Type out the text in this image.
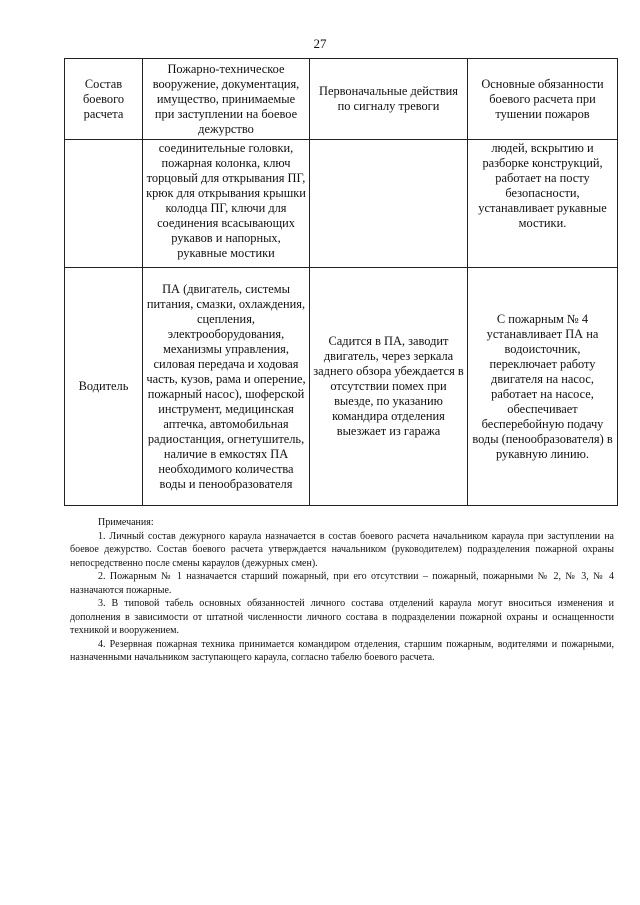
27
Состав боевого расчета	Пожарно-техническое вооружение, документация, имущество, принимаемые при заступлении на боевое дежурство	Первоначальные действия по сигналу тревоги	Основные обязанности боевого расчета при тушении пожаров
	соединительные головки, пожарная колонка, ключ торцовый для открывания ПГ, крюк для открывания крышки колодца ПГ, ключи для соединения всасывающих рукавов и напорных, рукавные мостики		людей, вскрытию и разборке конструкций, работает на посту безопасности, устанавливает рукавные мостики.
Водитель	ПА (двигатель, системы питания, смазки, охлаждения, сцепления, электрооборудования, механизмы управления, силовая передача и ходовая часть, кузов, рама и оперение, пожарный насос), шоферской инструмент, медицинская аптечка, автомобильная радиостанция, огнетушитель, наличие в емкостях ПА необходимого количества воды и пенообразователя	Садится в ПА, заводит двигатель, через зеркала заднего обзора убеждается в отсутствии помех при выезде, по указанию командира отделения выезжает из гаража	С пожарным № 4 устанавливает ПА на водоисточник, переключает работу двигателя на насос, работает на насосе, обеспечивает бесперебойную подачу воды (пенообразователя) в рукавную линию.

Примечания:

1. Личный состав дежурного караула назначается в состав боевого расчета начальником караула при заступлении на боевое дежурство. Состав боевого расчета утверждается начальником (руководителем) подразделения пожарной охраны непосредственно после смены караулов (дежурных смен).

2. Пожарным № 1 назначается старший пожарный, при его отсутствии – пожарный, пожарными № 2, № 3, № 4 назначаются пожарные.

3. В типовой табель основных обязанностей личного состава отделений караула могут вноситься изменения и дополнения в зависимости от штатной численности личного состава в подразделении пожарной охраны и оснащенности техникой и вооружением.

4. Резервная пожарная техника принимается командиром отделения, старшим пожарным, водителями и пожарными, назначенными начальником заступающего караула, согласно табелю боевого расчета.
